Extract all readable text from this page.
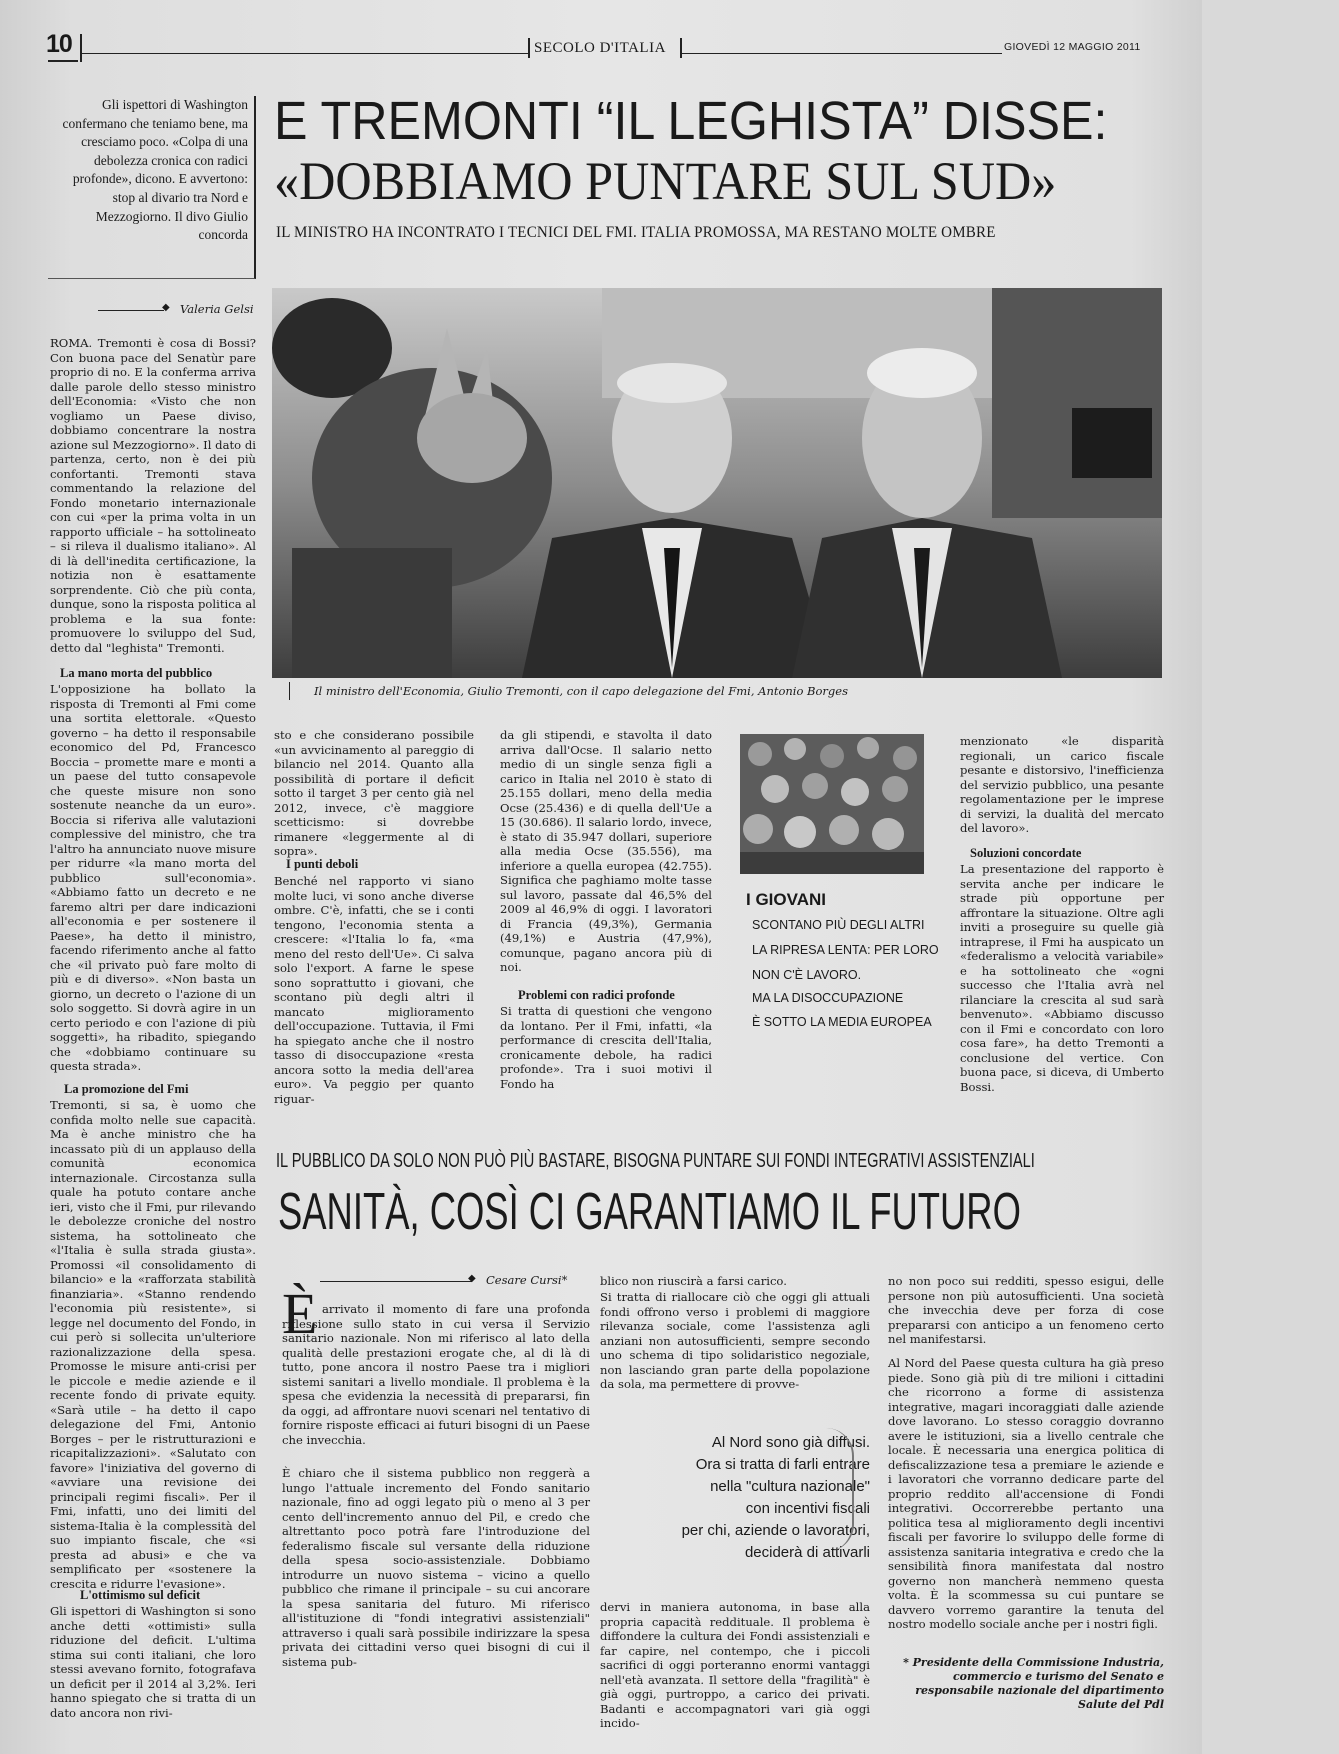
10	SECOLO D'ITALIA	GIOVEDÌ 12 MAGGIO 2011
Gli ispettori di Washington confermano che teniamo bene, ma cresciamo poco. «Colpa di una debolezza cronica con radici profonde», dicono. E avvertono: stop al divario tra Nord e Mezzogiorno. Il divo Giulio concorda
E TREMONTI “IL LEGHISTA” DISSE:
«DOBBIAMO PUNTARE SUL SUD»
IL MINISTRO HA INCONTRATO I TECNICI DEL FMI. ITALIA PROMOSSA, MA RESTANO MOLTE OMBRE
◆ Valeria Gelsi
Il ministro dell'Economia, Giulio Tremonti, con il capo delegazione del Fmi, Antonio Borges
ROMA. Tremonti è cosa di Bossi? Con buona pace del Senatùr pare proprio di no. E la conferma arriva dalle parole dello stesso ministro dell'Economia: «Visto che non vogliamo un Paese diviso, dobbiamo concentrare la nostra azione sul Mezzogiorno». Il dato di partenza, certo, non è dei più confortanti. Tremonti stava commentando la relazione del Fondo monetario internazionale con cui «per la prima volta in un rapporto ufficiale – ha sottolineato – si rileva il dualismo italiano». Al di là dell'inedita certificazione, la notizia non è esattamente sorprendente. Ciò che più conta, dunque, sono la risposta politica al problema e la sua fonte: promuovere lo sviluppo del Sud, detto dal "leghista" Tremonti.
La mano morta del pubblico
L'opposizione ha bollato la risposta di Tremonti al Fmi come una sortita elettorale. «Questo governo – ha detto il responsabile economico del Pd, Francesco Boccia – promette mare e monti a un paese del tutto consapevole che queste misure non sono sostenute neanche da un euro». Boccia si riferiva alle valutazioni complessive del ministro, che tra l'altro ha annunciato nuove misure per ridurre «la mano morta del pubblico sull'economia». «Abbiamo fatto un decreto e ne faremo altri per dare indicazioni all'economia e per sostenere il Paese», ha detto il ministro, facendo riferimento anche al fatto che «il privato può fare molto di più e di diverso». «Non basta un giorno, un decreto o l'azione di un solo soggetto. Si dovrà agire in un certo periodo e con l'azione di più soggetti», ha ribadito, spiegando che «dobbiamo continuare su questa strada».
La promozione del Fmi
Tremonti, si sa, è uomo che confida molto nelle sue capacità. Ma è anche ministro che ha incassato più di un applauso della comunità economica internazionale. Circostanza sulla quale ha potuto contare anche ieri, visto che il Fmi, pur rilevando le debolezze croniche del nostro sistema, ha sottolineato che «l'Italia è sulla strada giusta». Promossi «il consolidamento di bilancio» e la «rafforzata stabilità finanziaria». «Stanno rendendo l'economia più resistente», si legge nel documento del Fondo, in cui però si sollecita un'ulteriore razionalizzazione della spesa. Promosse le misure anti-crisi per le piccole e medie aziende e il recente fondo di private equity. «Sarà utile – ha detto il capo delegazione del Fmi, Antonio Borges – per le ristrutturazioni e ricapitalizzazioni». «Salutato con favore» l'iniziativa del governo di «avviare una revisione dei principali regimi fiscali». Per il Fmi, infatti, uno dei limiti del sistema-Italia è la complessità del suo impianto fiscale, che «si presta ad abusi» e che va semplificato per «sostenere la crescita e ridurre l'evasione».
L'ottimismo sul deficit
Gli ispettori di Washington si sono anche detti «ottimisti» sulla riduzione del deficit. L'ultima stima sui conti italiani, che loro stessi avevano fornito, fotografava un deficit per il 2014 al 3,2%. Ieri hanno spiegato che si tratta di un dato ancora non rivi-
sto e che considerano possibile «un avvicinamento al pareggio di bilancio nel 2014. Quanto alla possibilità di portare il deficit sotto il target 3 per cento già nel 2012, invece, c'è maggiore scetticismo: si dovrebbe rimanere «leggermente al di sopra».
I punti deboli
Benché nel rapporto vi siano molte luci, vi sono anche diverse ombre. C'è, infatti, che se i conti tengono, l'economia stenta a crescere: «l'Italia lo fa, «ma meno del resto dell'Ue». Ci salva solo l'export. A farne le spese sono soprattutto i giovani, che scontano più degli altri il mancato miglioramento dell'occupazione. Tuttavia, il Fmi ha spiegato anche che il nostro tasso di disoccupazione «resta ancora sotto la media dell'area euro». Va peggio per quanto riguar-
da gli stipendi, e stavolta il dato arriva dall'Ocse. Il salario netto medio di un single senza figli a carico in Italia nel 2010 è stato di 25.155 dollari, meno della media Ocse (25.436) e di quella dell'Ue a 15 (30.686). Il salario lordo, invece, è stato di 35.947 dollari, superiore alla media Ocse (35.556), ma inferiore a quella europea (42.755). Significa che paghiamo molte tasse sul lavoro, passate dal 46,5% del 2009 al 46,9% di oggi. I lavoratori di Francia (49,3%), Germania (49,1%) e Austria (47,9%), comunque, pagano ancora più di noi.
Problemi con radici profonde
Si tratta di questioni che vengono da lontano. Per il Fmi, infatti, «la performance di crescita dell'Italia, cronicamente debole, ha radici profonde». Tra i suoi motivi il Fondo ha
I GIOVANI
SCONTANO PIÙ DEGLI ALTRI
LA RIPRESA LENTA: PER LORO
NON C'È LAVORO.
MA LA DISOCCUPAZIONE
È SOTTO LA MEDIA EUROPEA
menzionato «le disparità regionali, un carico fiscale pesante e distorsivo, l'inefficienza del servizio pubblico, una pesante regolamentazione per le imprese di servizi, la dualità del mercato del lavoro».
Soluzioni concordate
La presentazione del rapporto è servita anche per indicare le strade più opportune per affrontare la situazione. Oltre agli inviti a proseguire su quelle già intraprese, il Fmi ha auspicato un «federalismo a velocità variabile» e ha sottolineato che «ogni successo che l'Italia avrà nel rilanciare la crescita al sud sarà benvenuto». «Abbiamo discusso con il Fmi e concordato con loro cosa fare», ha detto Tremonti a conclusione del vertice. Con buona pace, si diceva, di Umberto Bossi.
IL PUBBLICO DA SOLO NON PUÒ PIÙ BASTARE, BISOGNA PUNTARE SUI FONDI INTEGRATIVI ASSISTENZIALI
SANITÀ, COSÌ CI GARANTIAMO IL FUTURO
◆ Cesare Cursi*
È arrivato il momento di fare una profonda riflessione sullo stato in cui versa il Servizio sanitario nazionale. Non mi riferisco al lato della qualità delle prestazioni erogate che, al di là di tutto, pone ancora il nostro Paese tra i migliori sistemi sanitari a livello mondiale. Il problema è la spesa che evidenzia la necessità di prepararsi, fin da oggi, ad affrontare nuovi scenari nel tentativo di fornire risposte efficaci ai futuri bisogni di un Paese che invecchia.
È chiaro che il sistema pubblico non reggerà a lungo l'attuale incremento del Fondo sanitario nazionale, fino ad oggi legato più o meno al 3 per cento dell'incremento annuo del Pil, e credo che altrettanto poco potrà fare l'introduzione del federalismo fiscale sul versante della riduzione della spesa socio-assistenziale. Dobbiamo introdurre un nuovo sistema – vicino a quello pubblico che rimane il principale – su cui ancorare la spesa sanitaria del futuro. Mi riferisco all'istituzione di "fondi integrativi assistenziali" attraverso i quali sarà possibile indirizzare la spesa privata dei cittadini verso quei bisogni di cui il sistema pub-
blico non riuscirà a farsi carico.
Si tratta di riallocare ciò che oggi gli attuali fondi offrono verso i problemi di maggiore rilevanza sociale, come l'assistenza agli anziani non autosufficienti, sempre secondo uno schema di tipo solidaristico negoziale, non lasciando gran parte della popolazione da sola, ma permettere di provve-
Al Nord sono già diffusi.
Ora si tratta di farli entrare
nella "cultura nazionale"
con incentivi fiscali
per chi, aziende o lavoratori,
deciderà di attivarli
dervi in maniera autonoma, in base alla propria capacità reddituale. Il problema è diffondere la cultura dei Fondi assistenziali e far capire, nel contempo, che i piccoli sacrifici di oggi porteranno enormi vantaggi nell'età avanzata. Il settore della "fragilità" è già oggi, purtroppo, a carico dei privati. Badanti e accompagnatori vari già oggi incido-
no non poco sui redditi, spesso esigui, delle persone non più autosufficienti. Una società che invecchia deve per forza di cose prepararsi con anticipo a un fenomeno certo nel manifestarsi.
Al Nord del Paese questa cultura ha già preso piede. Sono già più di tre milioni i cittadini che ricorrono a forme di assistenza integrative, magari incoraggiati dalle aziende dove lavorano. Lo stesso coraggio dovranno avere le istituzioni, sia a livello centrale che locale. È necessaria una energica politica di defiscalizzazione tesa a premiare le aziende e i lavoratori che vorranno dedicare parte del proprio reddito all'accensione di Fondi integrativi. Occorrerebbe pertanto una politica tesa al miglioramento degli incentivi fiscali per favorire lo sviluppo delle forme di assistenza sanitaria integrativa e credo che la sensibilità finora manifestata dal nostro governo non mancherà nemmeno questa volta. È la scommessa su cui puntare se davvero vorremo garantire la tenuta del nostro modello sociale anche per i nostri figli.
* Presidente della Commissione Industria, commercio e turismo del Senato e responsabile nazionale del dipartimento Salute del Pdl
